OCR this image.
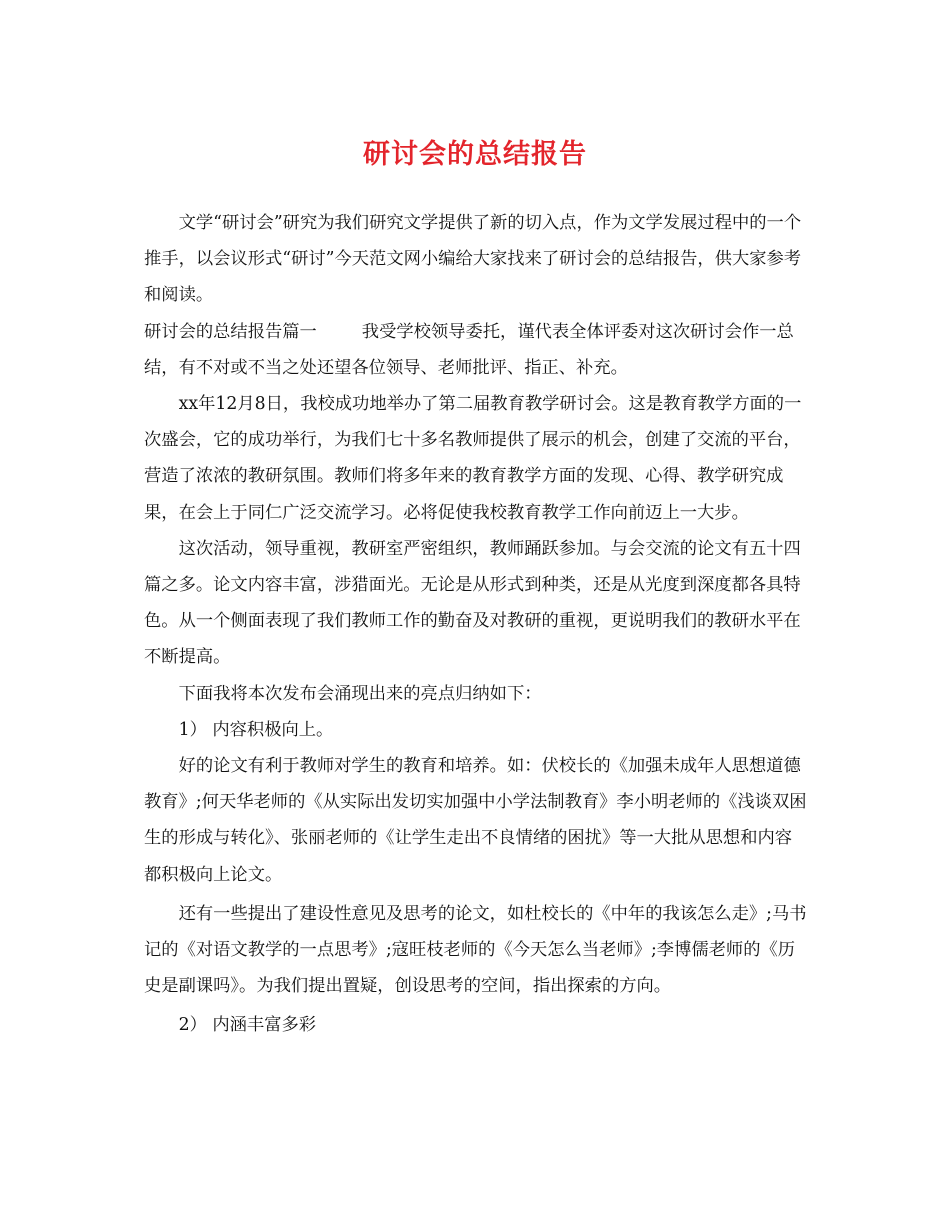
研讨会的总结报告

文学“研讨会”研究为我们研究文学提供了新的切入点，作为文学发展过程中的一个推手，以会议形式“研讨”今天范文网小编给大家找来了研讨会的总结报告，供大家参考和阅读。

研讨会的总结报告篇一	我受学校领导委托，谨代表全体评委对这次研讨会作一总结，有不对或不当之处还望各位领导、老师批评、指正、补充。

xx年12月8日，我校成功地举办了第二届教育教学研讨会。这是教育教学方面的一次盛会，它的成功举行，为我们七十多名教师提供了展示的机会，创建了交流的平台，营造了浓浓的教研氛围。教师们将多年来的教育教学方面的发现、心得、教学研究成果，在会上于同仁广泛交流学习。必将促使我校教育教学工作向前迈上一大步。

这次活动，领导重视，教研室严密组织，教师踊跃参加。与会交流的论文有五十四篇之多。论文内容丰富，涉猎面光。无论是从形式到种类，还是从光度到深度都各具特色。从一个侧面表现了我们教师工作的勤奋及对教研的重视，更说明我们的教研水平在不断提高。

下面我将本次发布会涌现出来的亮点归纳如下：

1） 内容积极向上。

好的论文有利于教师对学生的教育和培养。如：伏校长的《加强未成年人思想道德教育》;何天华老师的《从实际出发切实加强中小学法制教育》李小明老师的《浅谈双困生的形成与转化》、张丽老师的《让学生走出不良情绪的困扰》等一大批从思想和内容都积极向上论文。

还有一些提出了建设性意见及思考的论文，如杜校长的《中年的我该怎么走》;马书记的《对语文教学的一点思考》;寇旺枝老师的《今天怎么当老师》;李博儒老师的《历史是副课吗》。为我们提出置疑，创设思考的空间，指出探索的方向。

2） 内涵丰富多彩
